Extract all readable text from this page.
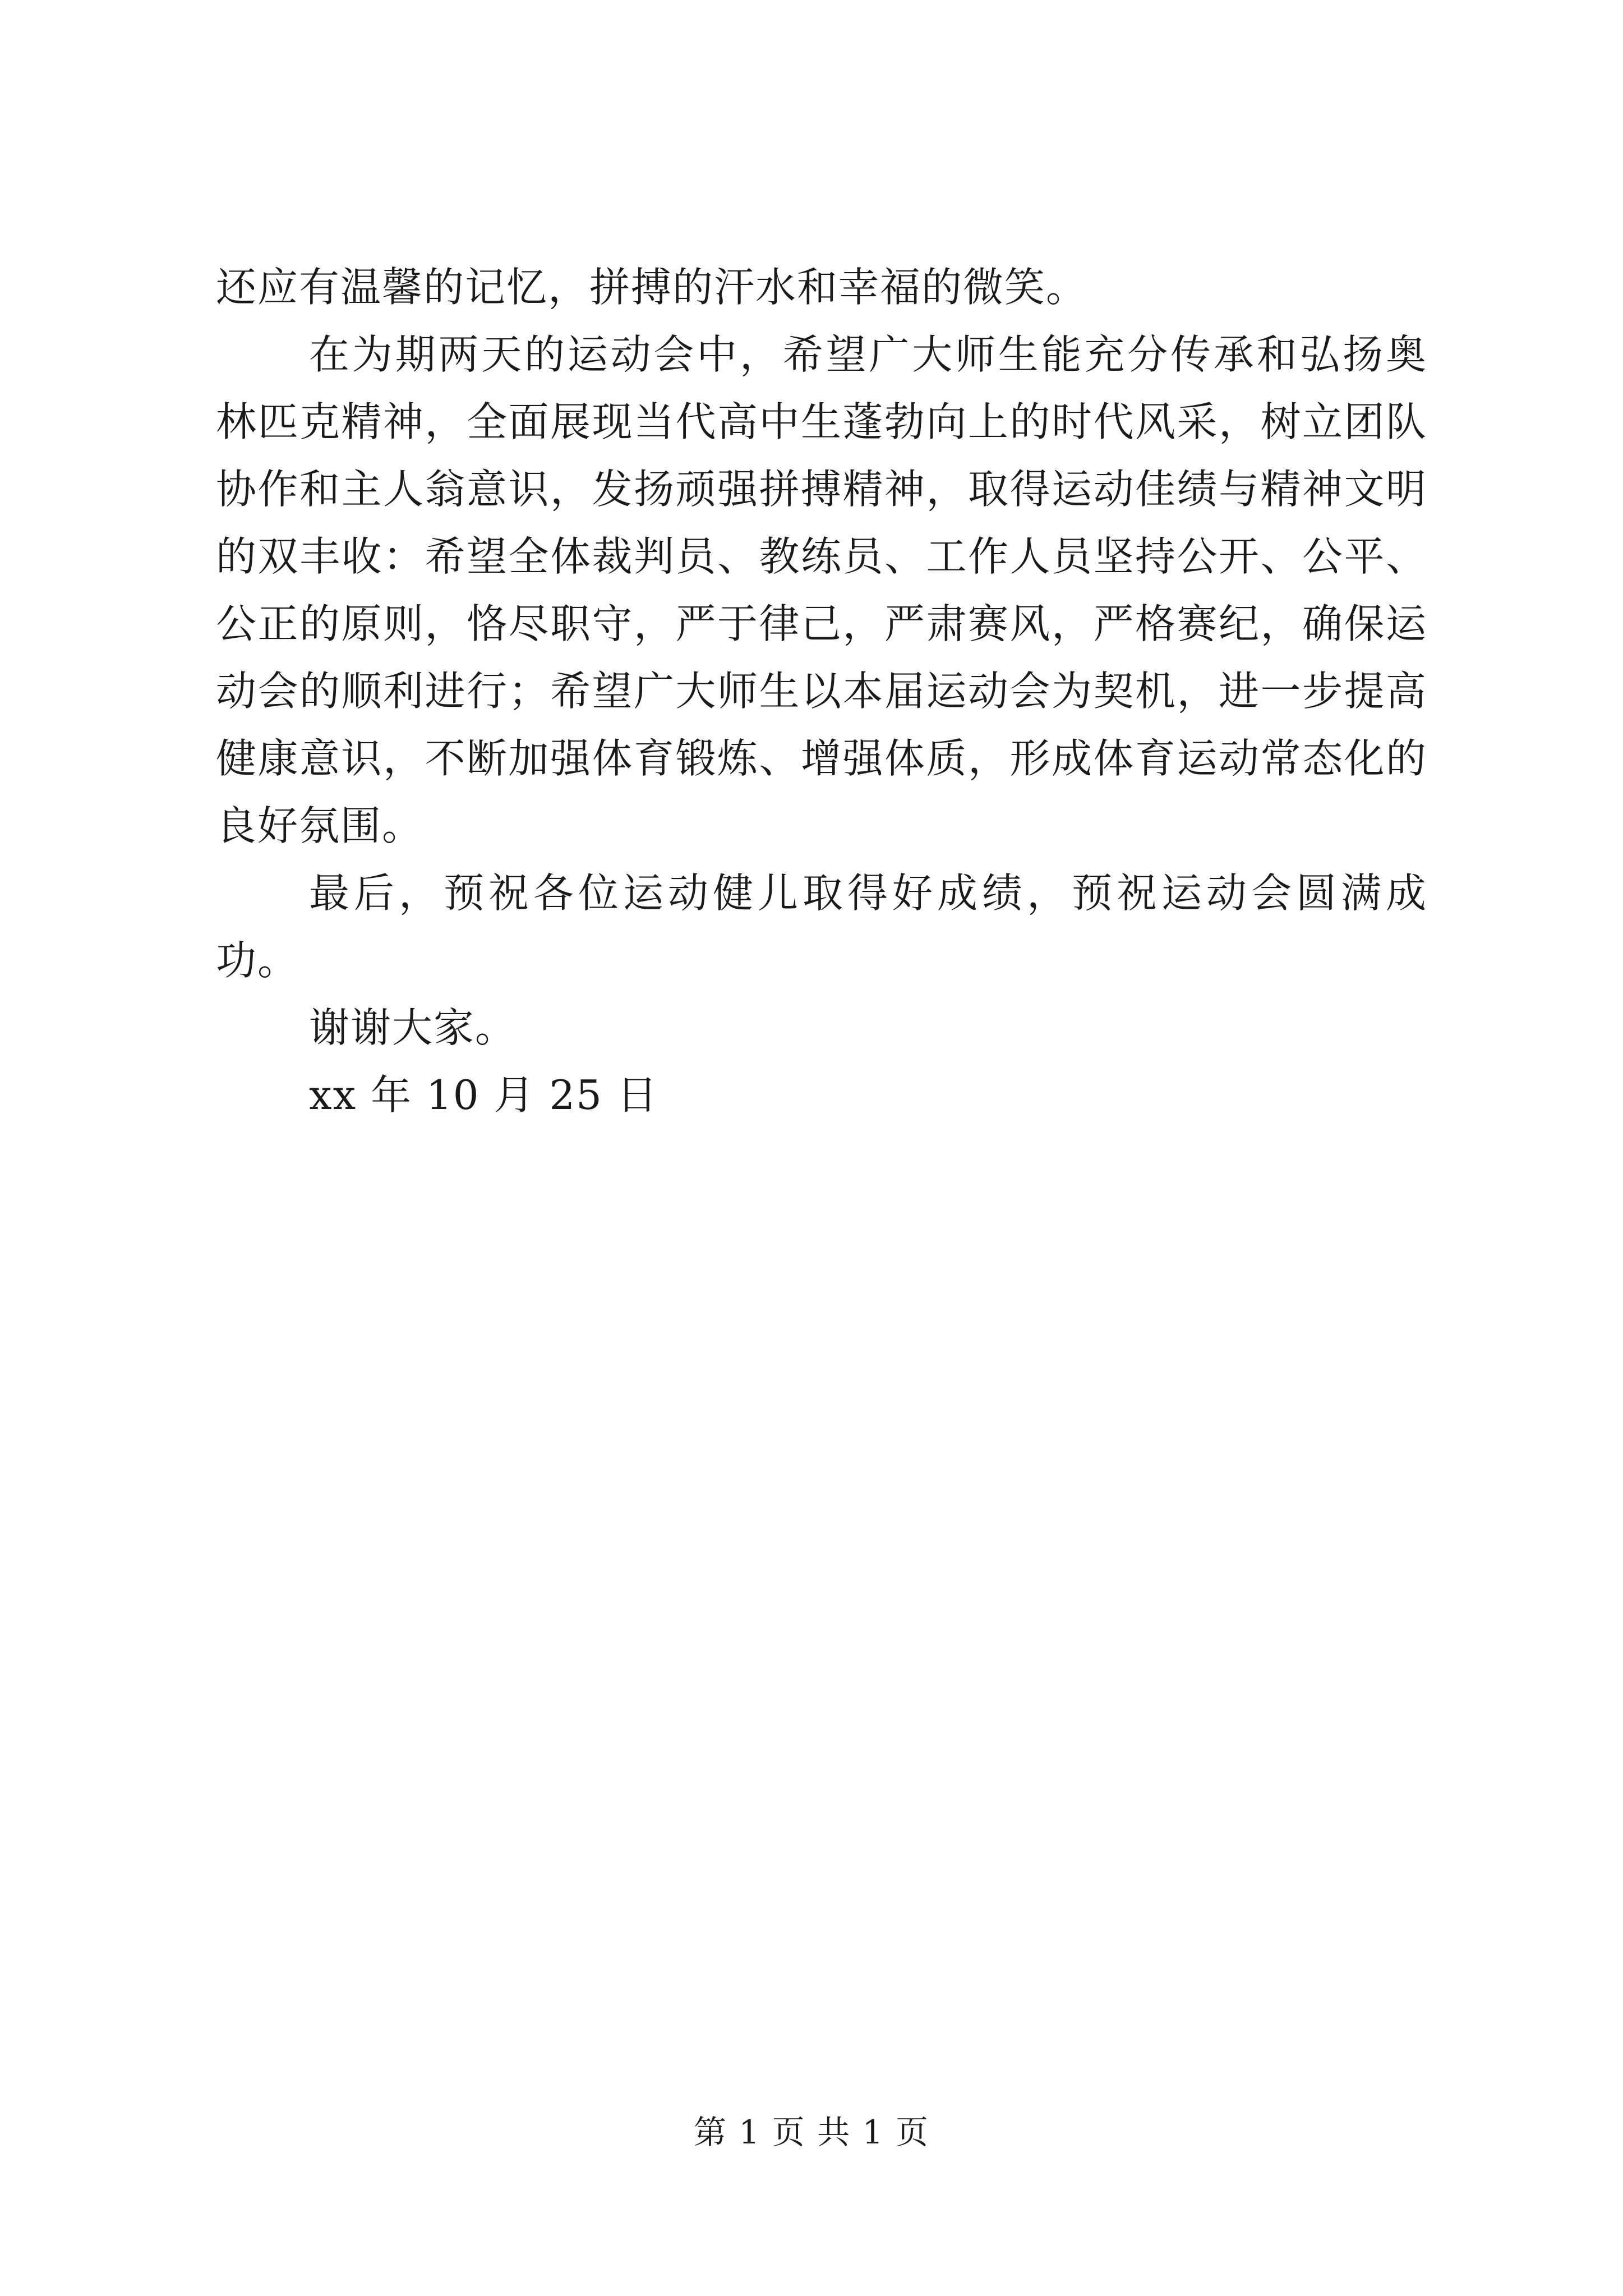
还应有温馨的记忆，拼搏的汗水和幸福的微笑。

在为期两天的运动会中，希望广大师生能充分传承和弘扬奥林匹克精神，全面展现当代高中生蓬勃向上的时代风采，树立团队协作和主人翁意识，发扬顽强拼搏精神，取得运动佳绩与精神文明的双丰收：希望全体裁判员、教练员、工作人员坚持公开、公平、公正的原则，恪尽职守，严于律己，严肃赛风，严格赛纪，确保运动会的顺利进行；希望广大师生以本届运动会为契机，进一步提高健康意识，不断加强体育锻炼、增强体质，形成体育运动常态化的良好氛围。

最后，预祝各位运动健儿取得好成绩，预祝运动会圆满成功。

谢谢大家。

xx 年 10 月 25 日

第 1 页 共 1 页
